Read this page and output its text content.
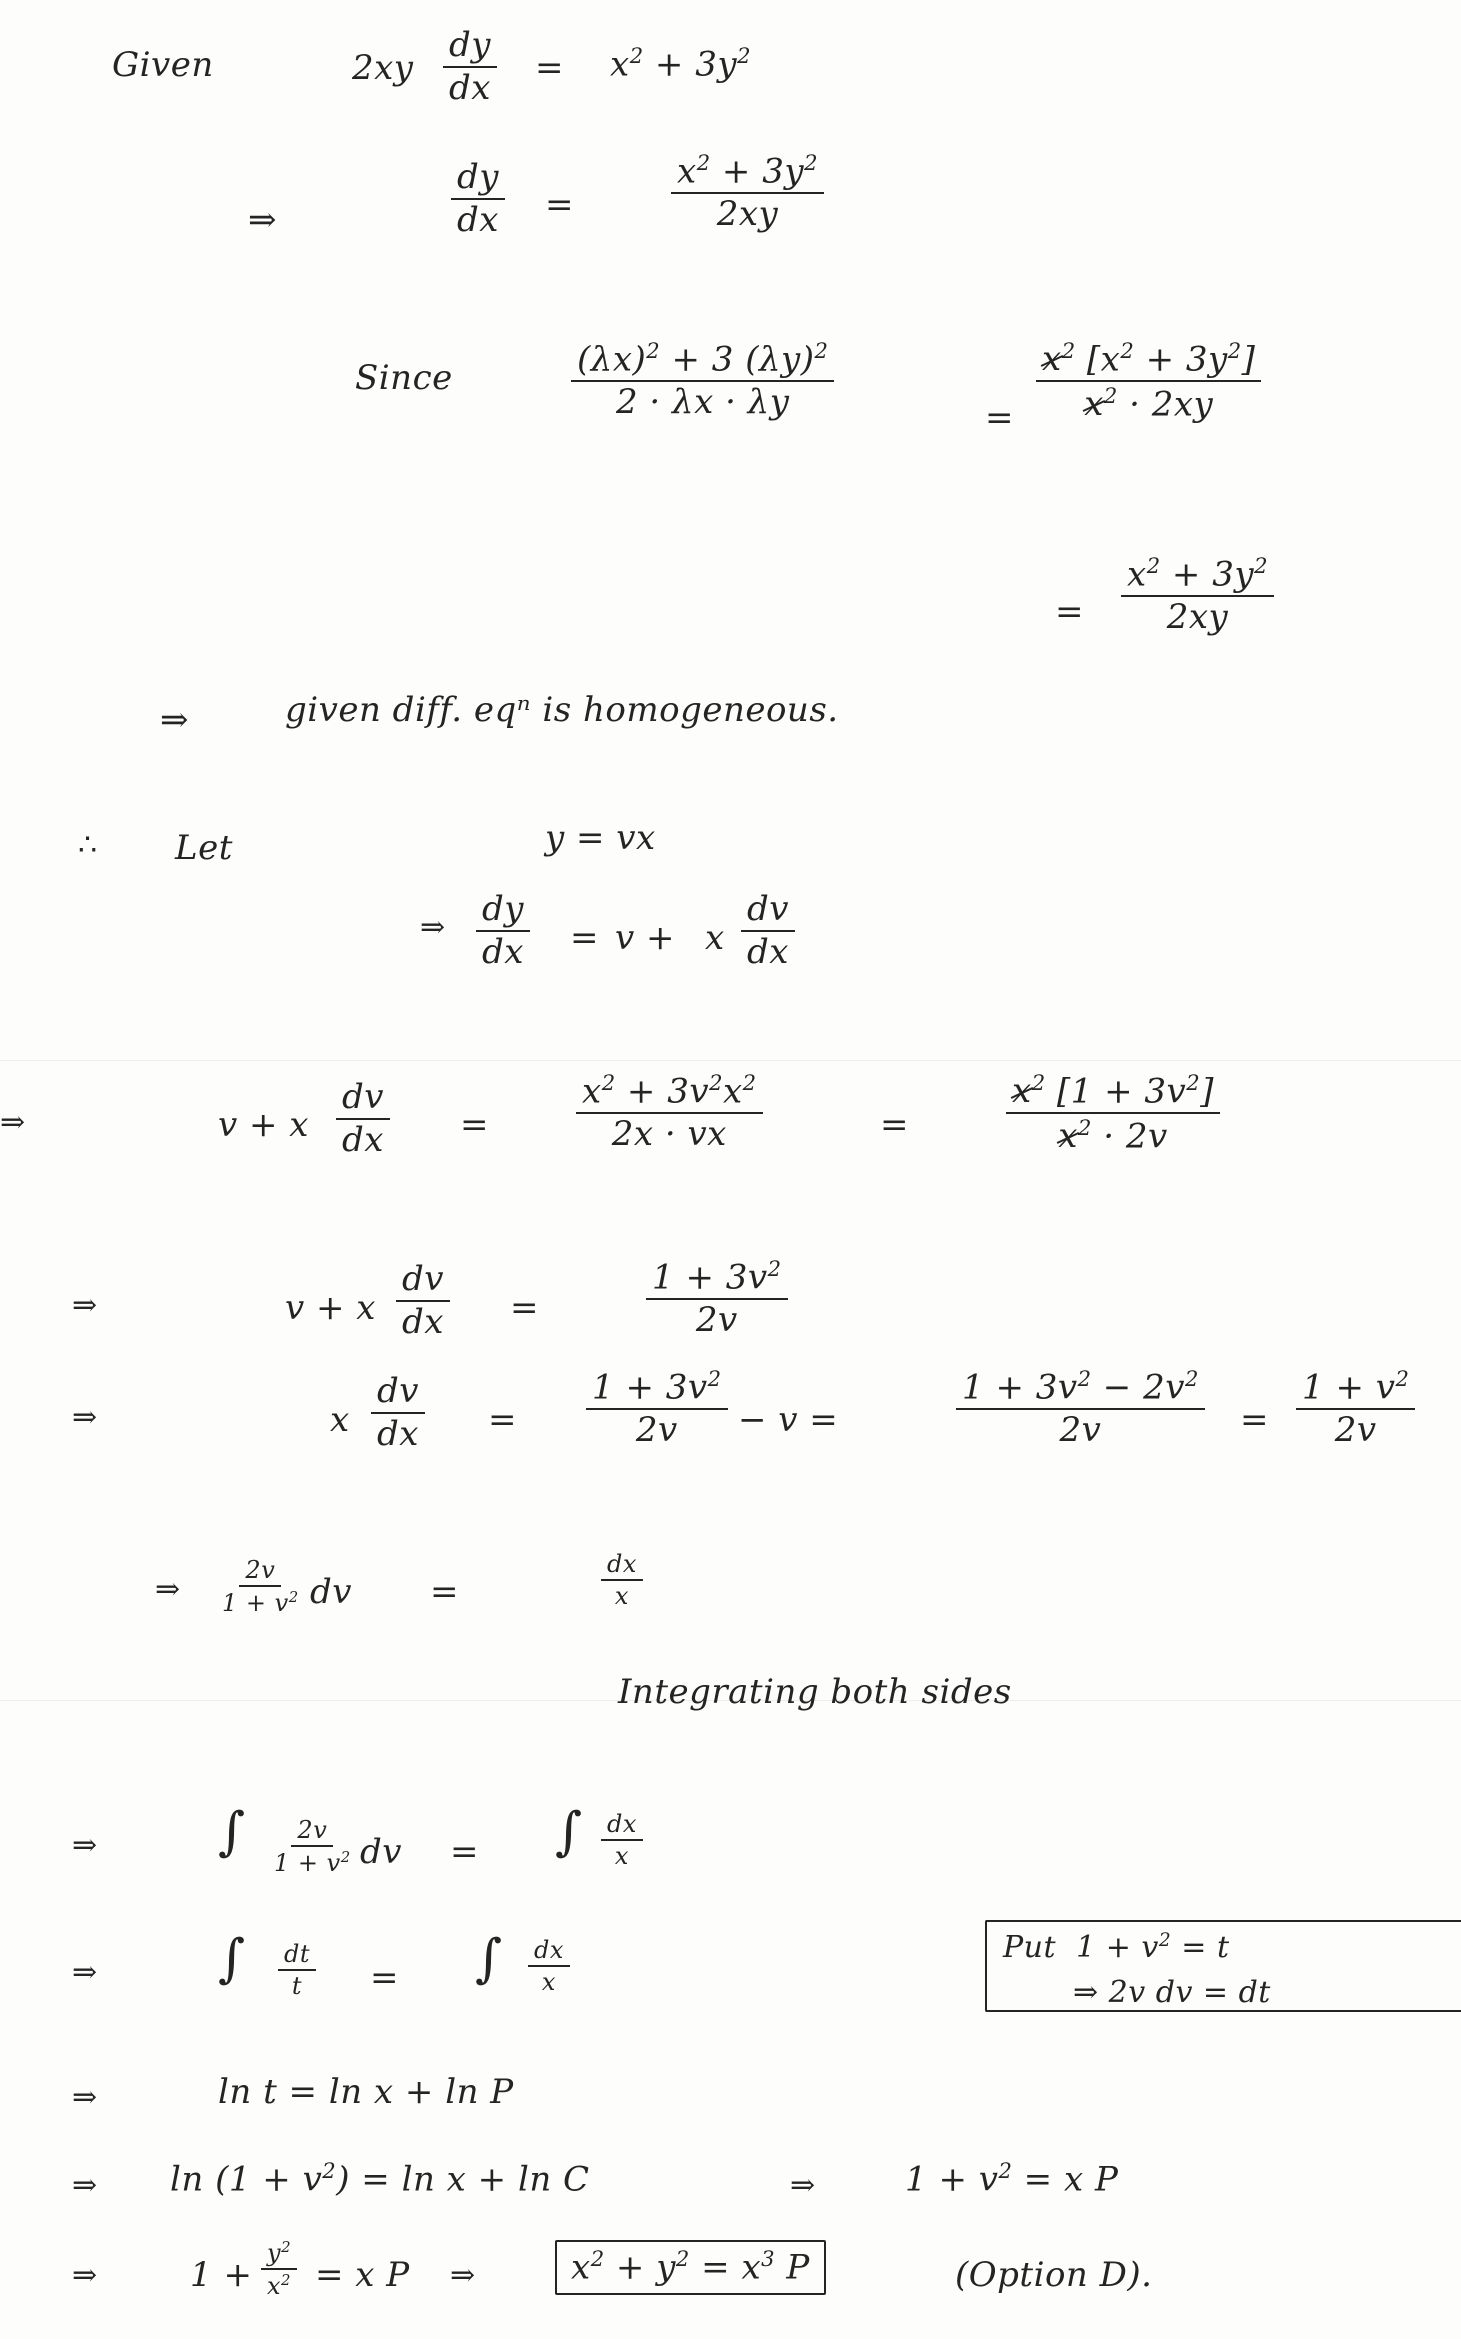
Given	$2xy \frac{dy}{dx} = x^2 + 3y^2$
⇒	$\frac{dy}{dx}$ =	$\frac{x^2 + 3y^2}{2xy}$
Since	$\frac{(\lambda x)^2 + 3 (\lambda y)^2}{2 \cdot \lambda x \cdot \lambda y}$	= $\frac{x^2 [x^2 + 3y^2]}{x^2 \cdot 2xy}$
= $\frac{x^2 + 3y^2}{2xy}$
⇒	given diff. eqⁿ is homogeneous.
∴ Let	y = vx
⇒ $\frac{dy}{dx} = v + x \frac{dv}{dx}$
⇒	v + x $\frac{dv}{dx}$ =	$\frac{x^2 + 3v^2x^2}{2x \cdot vx}$	=	$\frac{x^2 [1 + 3v^2]}{x^2 \cdot 2v}$
⇒	v + x $\frac{dv}{dx}$ =	$\frac{1 + 3v^2}{2v}$
⇒	x $\frac{dv}{dx} = \frac{1 + 3v^2}{2v} - v$ =	$\frac{1 + 3v^2 - 2v^2}{2v} = \frac{1 + v^2}{2v}$
⇒ $\frac{2v}{1 + v^2}$ dv =	$\frac{dx}{x}$
Integrating both sides
⇒ ∫ $\frac{2v}{1 + v^2}$ dv = ∫ $\frac{dx}{x}$
⇒ ∫ $\frac{dt}{t}$ = ∫ $\frac{dx}{x}$	Put  $1 + v^2 = t$
⇒ 2v dv = dt
⇒	ln t = ln x + ln P
⇒ $\ln (1 + v^2) = \ln x + \ln C$	⇒	$1 + v^2 = x$ P
⇒	$1 + \frac{y^2}{x^2} = x$ P ⇒	$x^2 + y^2 = x^3$ P	(Option D).
